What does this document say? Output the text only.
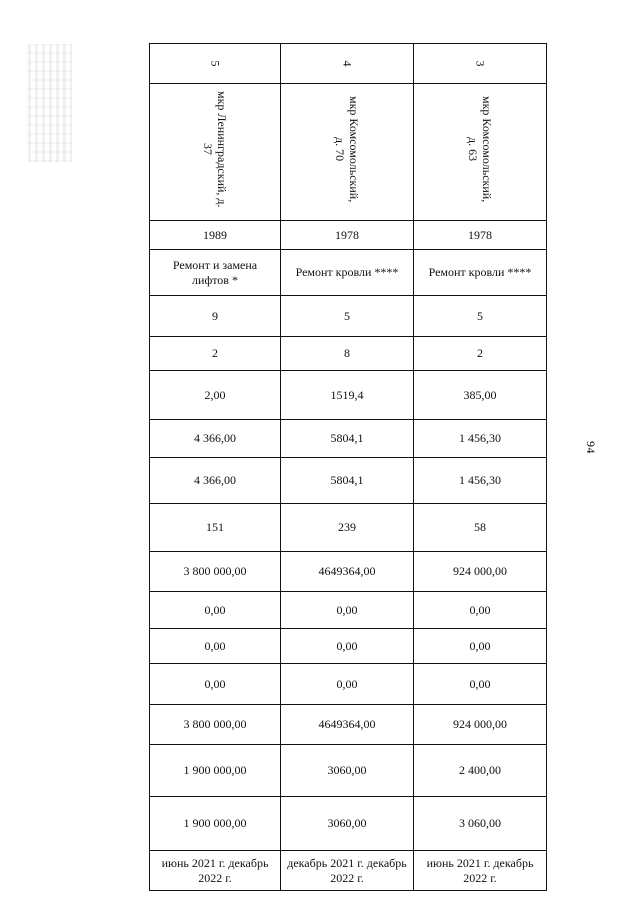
94
5	4	3
мкр Ленинградский, д. 37	мкр Комсомольский, д. 70	мкр Комсомольский, д. 63
1989	1978	1978
Ремонт и замена лифтов *	Ремонт кровли ****	Ремонт кровли ****
9	5	5
2	8	2
2,00	1519,4	385,00
4 366,00	5804,1	1 456,30
4 366,00	5804,1	1 456,30
151	239	58
3 800 000,00	4649364,00	924 000,00
0,00	0,00	0,00
0,00	0,00	0,00
0,00	0,00	0,00
3 800 000,00	4649364,00	924 000,00
1 900 000,00	3060,00	2 400,00
1 900 000,00	3060,00	3 060,00
июнь 2021 г. декабрь 2022 г.	декабрь 2021 г. декабрь 2022 г.	июнь 2021 г. декабрь 2022 г.
